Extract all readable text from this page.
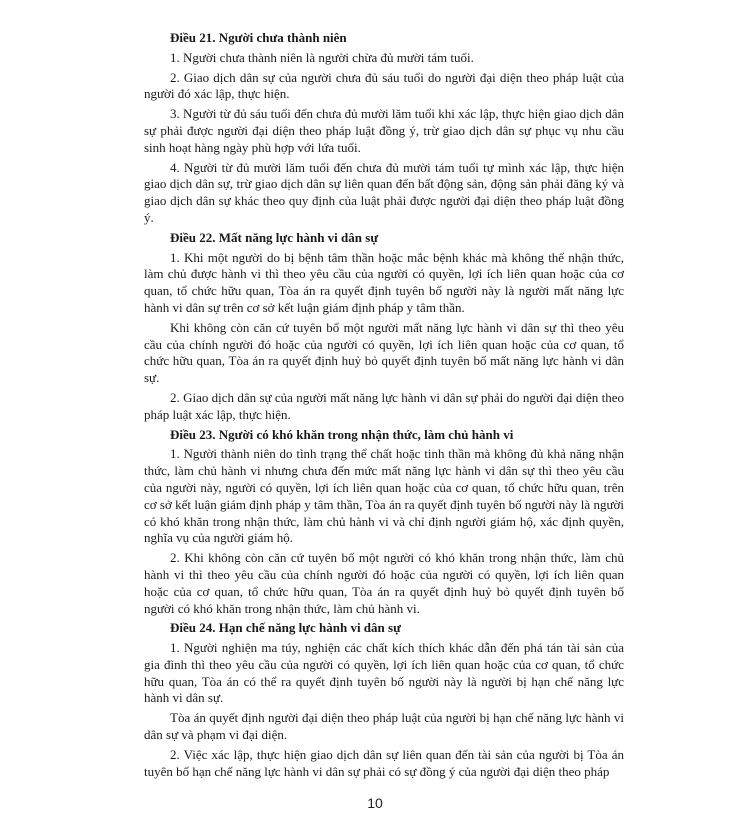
Điều 21. Người chưa thành niên

1. Người chưa thành niên là người chừa đủ mười tám tuổi.

2. Giao dịch dân sự của người chưa đủ sáu tuổi do người đại diện theo pháp luật của người đó xác lập, thực hiện.

3. Người từ đủ sáu tuổi đến chưa đủ mười lăm tuổi khi xác lập, thực hiện giao dịch dân sự phải được người đại diện theo pháp luật đồng ý, trừ giao dịch dân sự phục vụ nhu cầu sinh hoạt hàng ngày phù hợp với lứa tuổi.

4. Người từ đủ mười lăm tuổi đến chưa đủ mười tám tuổi tự mình xác lập, thực hiện giao dịch dân sự, trừ giao dịch dân sự liên quan đến bất động sản, động sản phải đăng ký và giao dịch dân sự khác theo quy định của luật phải được người đại diện theo pháp luật đồng ý.

Điều 22. Mất năng lực hành vi dân sự

1. Khi một người do bị bệnh tâm thần hoặc mắc bệnh khác mà không thể nhận thức, làm chủ được hành vi thì theo yêu cầu của người có quyền, lợi ích liên quan hoặc của cơ quan, tổ chức hữu quan, Tòa án ra quyết định tuyên bố người này là người mất năng lực hành vi dân sự trên cơ sở kết luận giám định pháp y tâm thần.

Khi không còn căn cứ tuyên bố một người mất năng lực hành vi dân sự thì theo yêu cầu của chính người đó hoặc của người có quyền, lợi ích liên quan hoặc của cơ quan, tổ chức hữu quan, Tòa án ra quyết định huỷ bỏ quyết định tuyên bố mất năng lực hành vi dân sự.

2. Giao dịch dân sự của người mất năng lực hành vi dân sự phải do người đại diện theo pháp luật xác lập, thực hiện.

Điều 23. Người có khó khăn trong nhận thức, làm chủ hành vi

1. Người thành niên do tình trạng thể chất hoặc tinh thần mà không đủ khả năng nhận thức, làm chủ hành vi nhưng chưa đến mức mất năng lực hành vi dân sự thì theo yêu cầu của người này, người có quyền, lợi ích liên quan hoặc của cơ quan, tổ chức hữu quan, trên cơ sở kết luận giám định pháp y tâm thần, Tòa án ra quyết định tuyên bố người này là người có khó khăn trong nhận thức, làm chủ hành vi và chỉ định người giám hộ, xác định quyền, nghĩa vụ của người giám hộ.

2. Khi không còn căn cứ tuyên bố một người có khó khăn trong nhận thức, làm chủ hành vi thì theo yêu cầu của chính người đó hoặc của người có quyền, lợi ích liên quan hoặc của cơ quan, tổ chức hữu quan, Tòa án ra quyết định huỷ bỏ quyết định tuyên bố người có khó khăn trong nhận thức, làm chủ hành vi.

Điều 24. Hạn chế năng lực hành vi dân sự

1. Người nghiện ma túy, nghiện các chất kích thích khác dẫn đến phá tán tài sản của gia đình thì theo yêu cầu của người có quyền, lợi ích liên quan hoặc của cơ quan, tổ chức hữu quan, Tòa án có thể ra quyết định tuyên bố người này là người bị hạn chế năng lực hành vi dân sự.

Tòa án quyết định người đại diện theo pháp luật của người bị hạn chế năng lực hành vi dân sự và phạm vi đại diện.

2. Việc xác lập, thực hiện giao dịch dân sự liên quan đến tài sản của người bị Tòa án tuyên bố hạn chế năng lực hành vi dân sự phải có sự đồng ý của người đại diện theo pháp

10
